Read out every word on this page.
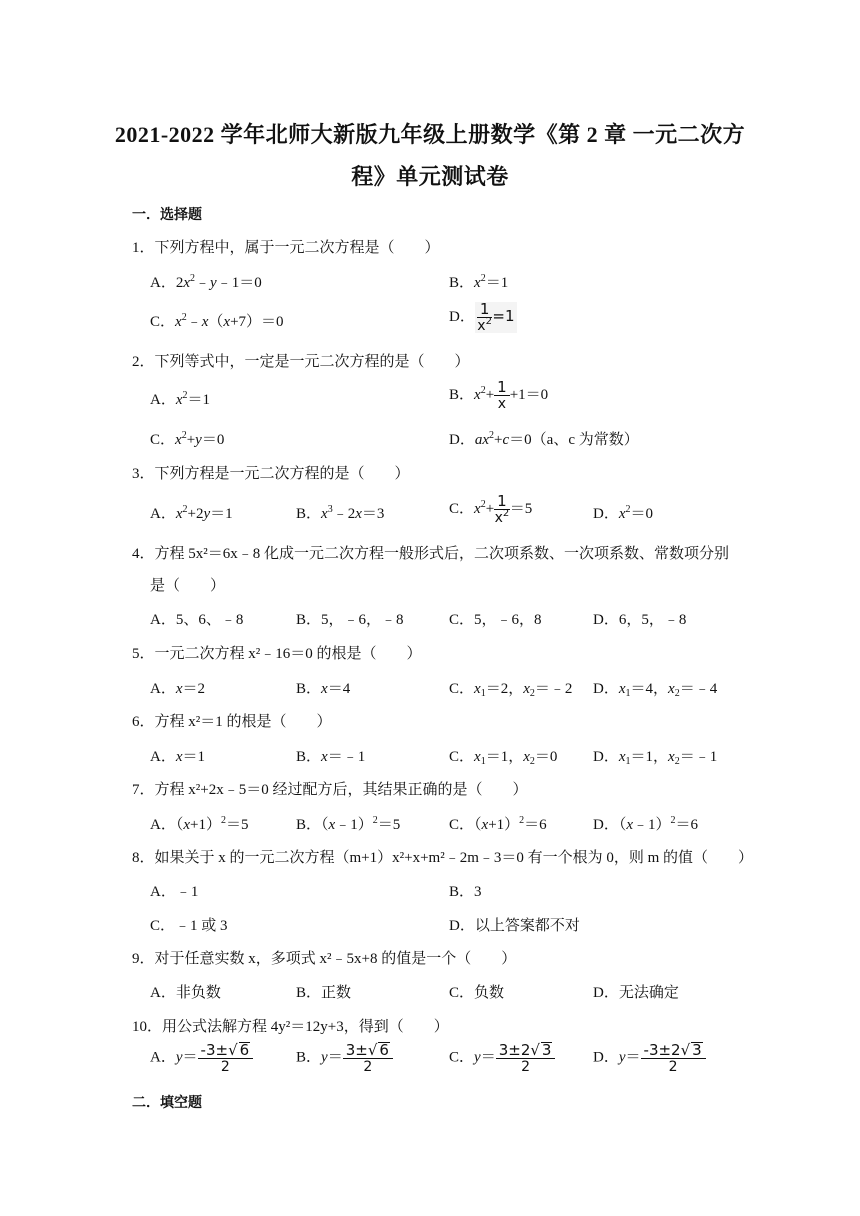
2021-2022 学年北师大新版九年级上册数学《第 2 章 一元二次方
程》单元测试卷
一．选择题
1．下列方程中，属于一元二次方程是（　　）
A．$2x^2﹣y﹣1=0$	B．$x^2=1$
C．$x^2﹣x(x+7)=0$	D． $\frac{1}{x^2} =1$
2．下列等式中，一定是一元二次方程的是（　　）
A．$x^2=1$	B．$x^2+ \frac{1}{x} +1=0$
C．$x^2+y=0$	D．$ax^2+c=0(a$、c 为常数）
3．下列方程是一元二次方程的是（　　）
A．$x^2+2y=1$	B．$x^3﹣2x=3$	C．$x^2+ \frac{1}{x^2} =5$	D．$x^2=0$
4．方程 5x²＝6x﹣8 化成一元二次方程一般形式后，二次项系数、一次项系数、常数项分别
是（　　）
A．5、6、﹣8	B．5，﹣6，﹣8	C．5，﹣6，8	D．6，5，﹣8
5．一元二次方程 x²﹣16＝0 的根是（　　）
A．x＝2	B．x＝4	C．$x_1=2$，$x_2=﹣2$ D．$x_1=4$，$x_2=﹣4$
6．方程 x²＝1 的根是（　　）
A．x＝1	B．x＝﹣1	C．$x_1=1$，$x_2=0$ D．$x_1=1$，$x_2=﹣1$
7．方程 x²+2x﹣5＝0 经过配方后，其结果正确的是（　　）
A．$(x+1)^2=5$	B．（x﹣1）$^2$＝5	C．$(x+1)^2=6$	D．（x﹣1）$^2$＝6
8．如果关于 x 的一元二次方程（m+1）x²+x+m²﹣2m﹣3＝0 有一个根为 0，则 m 的值（　　）
A．﹣1	B．3
C．﹣1 或 3	D．以上答案都不对
9．对于任意实数 x，多项式 x²﹣5x+8 的值是一个（　　）
A．非负数	B．正数	C．负数	D．无法确定
10．用公式法解方程 4y²＝12y+3，得到（　　）
A．$y= \frac{-3\pm√ 6}{2}$	B．$y= \frac{3\pm√ 6}{2}$	C．$y= \frac{3\pm 2√ 3}{2}$	D．$y= \frac{-3\pm 2√ 3}{2}$
二．填空题
